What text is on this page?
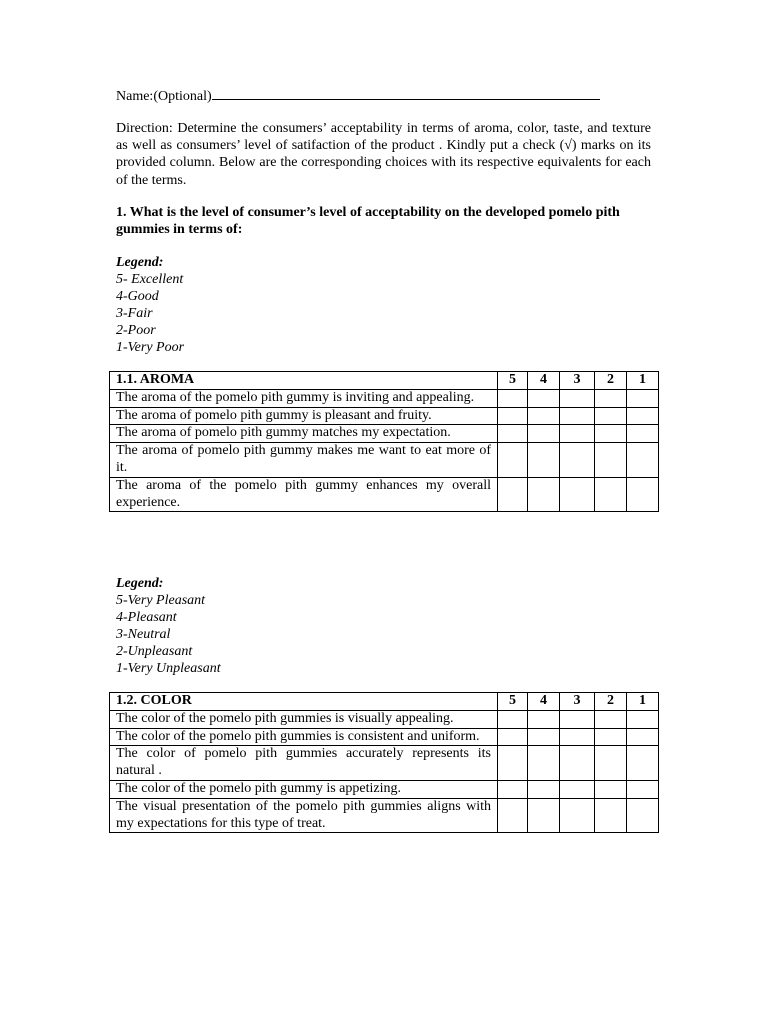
Name:(Optional)
Direction: Determine the consumers’ acceptability in terms of aroma, color, taste, and texture as well as consumers’ level of satifaction of the product . Kindly put a check (√) marks on its provided column. Below are the corresponding choices with its respective equivalents for each of the terms.
1. What is the level of consumer’s level of acceptability on the developed pomelo pith gummies in terms of:
Legend:
5- Excellent
4-Good
3-Fair
2-Poor
1-Very Poor
1.1. AROMA	5	4	3	2	1
The aroma of the pomelo pith gummy is inviting and appealing.					
The aroma of pomelo pith gummy is pleasant and fruity.					
The aroma of pomelo pith gummy matches my expectation.					
The aroma of pomelo pith gummy makes me want to eat more of it.					
The aroma of the pomelo pith gummy enhances my overall experience.					
Legend:
5-Very Pleasant
4-Pleasant
3-Neutral
2-Unpleasant
1-Very Unpleasant
1.2. COLOR	5	4	3	2	1
The color of the pomelo pith gummies is visually appealing.					
The color of the pomelo pith gummies is consistent and uniform.					
The color of pomelo pith gummies accurately represents its natural .					
The color of the pomelo pith gummy is appetizing.					
The visual presentation of the pomelo pith gummies aligns with my expectations for this type of treat.					
